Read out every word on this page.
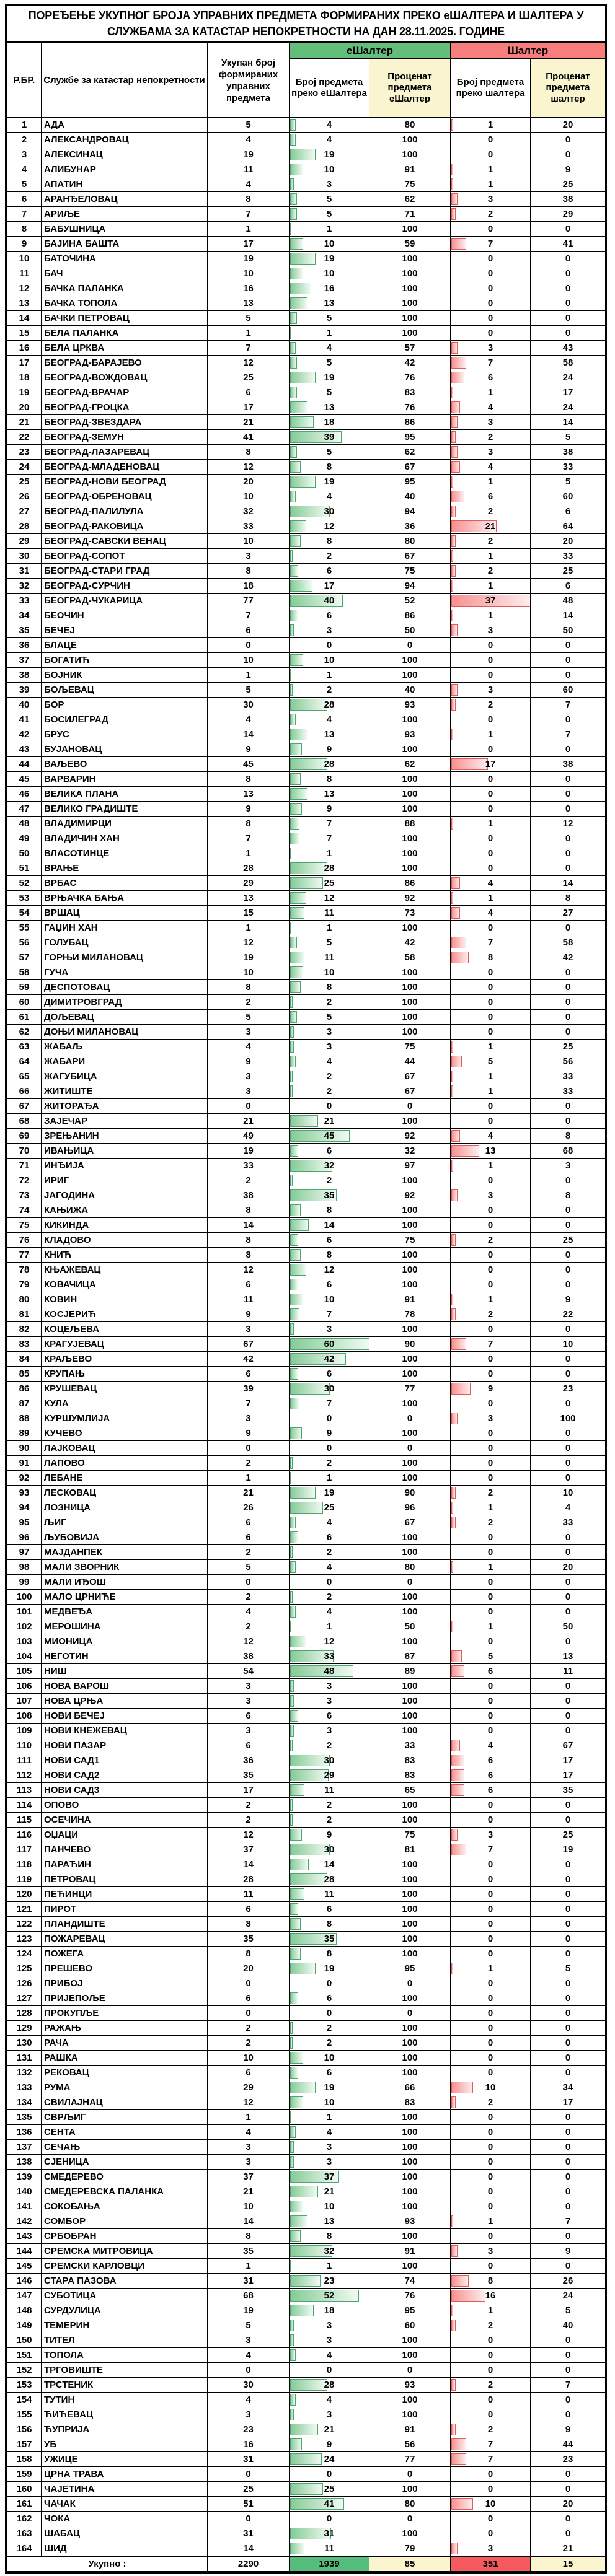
ПОРЕЂЕЊЕ УКУПНОГ БРОЈА УПРАВНИХ ПРЕДМЕТА ФОРМИРАНИХ ПРЕКО еШАЛТЕРА И ШАЛТЕРА У СЛУЖБАМА ЗА КАТАСТАР НЕПОКРЕТНОСТИ НА ДАН 28.11.2025. ГОДИНЕ
Р.БР.	Службе за катастар непокретности	Укупан број формираних управних предмета	еШалтер		Шалтер	
			Број предмета преко еШалтера	Проценат предмета еШалтер	Број предмета преко шалтера	Проценат предмета шалтер
1	АДА	5	4	80	1	20
2	АЛЕКСАНДРОВАЦ	4	4	100	0	0
3	АЛЕКСИНАЦ	19	19	100	0	0
4	АЛИБУНАР	11	10	91	1	9
5	АПАТИН	4	3	75	1	25
6	АРАНЂЕЛОВАЦ	8	5	62	3	38
7	АРИЉЕ	7	5	71	2	29
8	БАБУШНИЦА	1	1	100	0	0
9	БАЈИНА БАШТА	17	10	59	7	41
10	БАТОЧИНА	19	19	100	0	0
11	БАЧ	10	10	100	0	0
12	БАЧКА ПАЛАНКА	16	16	100	0	0
13	БАЧКА ТОПОЛА	13	13	100	0	0
14	БАЧКИ ПЕТРОВАЦ	5	5	100	0	0
15	БЕЛА ПАЛАНКА	1	1	100	0	0
16	БЕЛА ЦРКВА	7	4	57	3	43
17	БЕОГРАД-БАРАЈЕВО	12	5	42	7	58
18	БЕОГРАД-ВОЖДОВАЦ	25	19	76	6	24
19	БЕОГРАД-ВРАЧАР	6	5	83	1	17
20	БЕОГРАД-ГРОЦКА	17	13	76	4	24
21	БЕОГРАД-ЗВЕЗДАРА	21	18	86	3	14
22	БЕОГРАД-ЗЕМУН	41	39	95	2	5
23	БЕОГРАД-ЛАЗАРЕВАЦ	8	5	62	3	38
24	БЕОГРАД-МЛАДЕНОВАЦ	12	8	67	4	33
25	БЕОГРАД-НОВИ БЕОГРАД	20	19	95	1	5
26	БЕОГРАД-ОБРЕНОВАЦ	10	4	40	6	60
27	БЕОГРАД-ПАЛИЛУЛА	32	30	94	2	6
28	БЕОГРАД-РАКОВИЦА	33	12	36	21	64
29	БЕОГРАД-САВСКИ ВЕНАЦ	10	8	80	2	20
30	БЕОГРАД-СОПОТ	3	2	67	1	33
31	БЕОГРАД-СТАРИ ГРАД	8	6	75	2	25
32	БЕОГРАД-СУРЧИН	18	17	94	1	6
33	БЕОГРАД-ЧУКАРИЦА	77	40	52	37	48
34	БЕОЧИН	7	6	86	1	14
35	БЕЧЕЈ	6	3	50	3	50
36	БЛАЦЕ	0	0	0	0	0
37	БОГАТИЋ	10	10	100	0	0
38	БОЈНИК	1	1	100	0	0
39	БОЉЕВАЦ	5	2	40	3	60
40	БОР	30	28	93	2	7
41	БОСИЛЕГРАД	4	4	100	0	0
42	БРУС	14	13	93	1	7
43	БУЈАНОВАЦ	9	9	100	0	0
44	ВАЉЕВО	45	28	62	17	38
45	ВАРВАРИН	8	8	100	0	0
46	ВЕЛИКА ПЛАНА	13	13	100	0	0
47	ВЕЛИКО ГРАДИШТЕ	9	9	100	0	0
48	ВЛАДИМИРЦИ	8	7	88	1	12
49	ВЛАДИЧИН ХАН	7	7	100	0	0
50	ВЛАСОТИНЦЕ	1	1	100	0	0
51	ВРАЊЕ	28	28	100	0	0
52	ВРБАС	29	25	86	4	14
53	ВРЊАЧКА БАЊА	13	12	92	1	8
54	ВРШАЦ	15	11	73	4	27
55	ГАЏИН ХАН	1	1	100	0	0
56	ГОЛУБАЦ	12	5	42	7	58
57	ГОРЊИ МИЛАНОВАЦ	19	11	58	8	42
58	ГУЧА	10	10	100	0	0
59	ДЕСПОТОВАЦ	8	8	100	0	0
60	ДИМИТРОВГРАД	2	2	100	0	0
61	ДОЉЕВАЦ	5	5	100	0	0
62	ДОЊИ МИЛАНОВАЦ	3	3	100	0	0
63	ЖАБАЉ	4	3	75	1	25
64	ЖАБАРИ	9	4	44	5	56
65	ЖАГУБИЦА	3	2	67	1	33
66	ЖИТИШТЕ	3	2	67	1	33
67	ЖИТОРАЂА	0	0	0	0	0
68	ЗАЈЕЧАР	21	21	100	0	0
69	ЗРЕЊАНИН	49	45	92	4	8
70	ИВАЊИЦА	19	6	32	13	68
71	ИНЂИЈА	33	32	97	1	3
72	ИРИГ	2	2	100	0	0
73	ЈАГОДИНА	38	35	92	3	8
74	КАЊИЖА	8	8	100	0	0
75	КИКИНДА	14	14	100	0	0
76	КЛАДОВО	8	6	75	2	25
77	КНИЋ	8	8	100	0	0
78	КЊАЖЕВАЦ	12	12	100	0	0
79	КОВАЧИЦА	6	6	100	0	0
80	КОВИН	11	10	91	1	9
81	КОСЈЕРИЋ	9	7	78	2	22
82	КОЦЕЉЕВА	3	3	100	0	0
83	КРАГУЈЕВАЦ	67	60	90	7	10
84	КРАЉЕВО	42	42	100	0	0
85	КРУПАЊ	6	6	100	0	0
86	КРУШЕВАЦ	39	30	77	9	23
87	КУЛА	7	7	100	0	0
88	КУРШУМЛИЈА	3	0	0	3	100
89	КУЧЕВО	9	9	100	0	0
90	ЛАЈКОВАЦ	0	0	0	0	0
91	ЛАПОВО	2	2	100	0	0
92	ЛЕБАНЕ	1	1	100	0	0
93	ЛЕСКОВАЦ	21	19	90	2	10
94	ЛОЗНИЦА	26	25	96	1	4
95	ЉИГ	6	4	67	2	33
96	ЉУБОВИЈА	6	6	100	0	0
97	МАЈДАНПЕК	2	2	100	0	0
98	МАЛИ ЗВОРНИК	5	4	80	1	20
99	МАЛИ ИЂОШ	0	0	0	0	0
100	МАЛО ЦРНИЋЕ	2	2	100	0	0
101	МЕДВЕЂА	4	4	100	0	0
102	МЕРОШИНА	2	1	50	1	50
103	МИОНИЦА	12	12	100	0	0
104	НЕГОТИН	38	33	87	5	13
105	НИШ	54	48	89	6	11
106	НОВА ВАРОШ	3	3	100	0	0
107	НОВА ЦРЊА	3	3	100	0	0
108	НОВИ БЕЧЕЈ	6	6	100	0	0
109	НОВИ КНЕЖЕВАЦ	3	3	100	0	0
110	НОВИ ПАЗАР	6	2	33	4	67
111	НОВИ САД1	36	30	83	6	17
112	НОВИ САД2	35	29	83	6	17
113	НОВИ САД3	17	11	65	6	35
114	ОПОВО	2	2	100	0	0
115	ОСЕЧИНА	2	2	100	0	0
116	ОЏАЦИ	12	9	75	3	25
117	ПАНЧЕВО	37	30	81	7	19
118	ПАРАЋИН	14	14	100	0	0
119	ПЕТРОВАЦ	28	28	100	0	0
120	ПЕЋИНЦИ	11	11	100	0	0
121	ПИРОТ	6	6	100	0	0
122	ПЛАНДИШТЕ	8	8	100	0	0
123	ПОЖАРЕВАЦ	35	35	100	0	0
124	ПОЖЕГА	8	8	100	0	0
125	ПРЕШЕВО	20	19	95	1	5
126	ПРИБОЈ	0	0	0	0	0
127	ПРИЈЕПОЉЕ	6	6	100	0	0
128	ПРОКУПЉЕ	0	0	0	0	0
129	РАЖАЊ	2	2	100	0	0
130	РАЧА	2	2	100	0	0
131	РАШКА	10	10	100	0	0
132	РЕКОВАЦ	6	6	100	0	0
133	РУМА	29	19	66	10	34
134	СВИЛАЈНАЦ	12	10	83	2	17
135	СВРЉИГ	1	1	100	0	0
136	СЕНТА	4	4	100	0	0
137	СЕЧАЊ	3	3	100	0	0
138	СЈЕНИЦА	3	3	100	0	0
139	СМЕДЕРЕВО	37	37	100	0	0
140	СМЕДЕРЕВСКА ПАЛАНКА	21	21	100	0	0
141	СОКОБАЊА	10	10	100	0	0
142	СОМБОР	14	13	93	1	7
143	СРБОБРАН	8	8	100	0	0
144	СРЕМСКА МИТРОВИЦА	35	32	91	3	9
145	СРЕМСКИ КАРЛОВЦИ	1	1	100	0	0
146	СТАРА ПАЗОВА	31	23	74	8	26
147	СУБОТИЦА	68	52	76	16	24
148	СУРДУЛИЦА	19	18	95	1	5
149	ТЕМЕРИН	5	3	60	2	40
150	ТИТЕЛ	3	3	100	0	0
151	ТОПОЛА	4	4	100	0	0
152	ТРГОВИШТЕ	0	0	0	0	0
153	ТРСТЕНИК	30	28	93	2	7
154	ТУТИН	4	4	100	0	0
155	ЋИЋЕВАЦ	3	3	100	0	0
156	ЋУПРИЈА	23	21	91	2	9
157	УБ	16	9	56	7	44
158	УЖИЦЕ	31	24	77	7	23
159	ЦРНА ТРАВА	0	0	0	0	0
160	ЧАЈЕТИНА	25	25	100	0	0
161	ЧАЧАК	51	41	80	10	20
162	ЧОКА	0	0	0	0	0
163	ШАБАЦ	31	31	100	0	0
164	ШИД	14	11	79	3	21
Укупно :		2290	1939	85	351	15
